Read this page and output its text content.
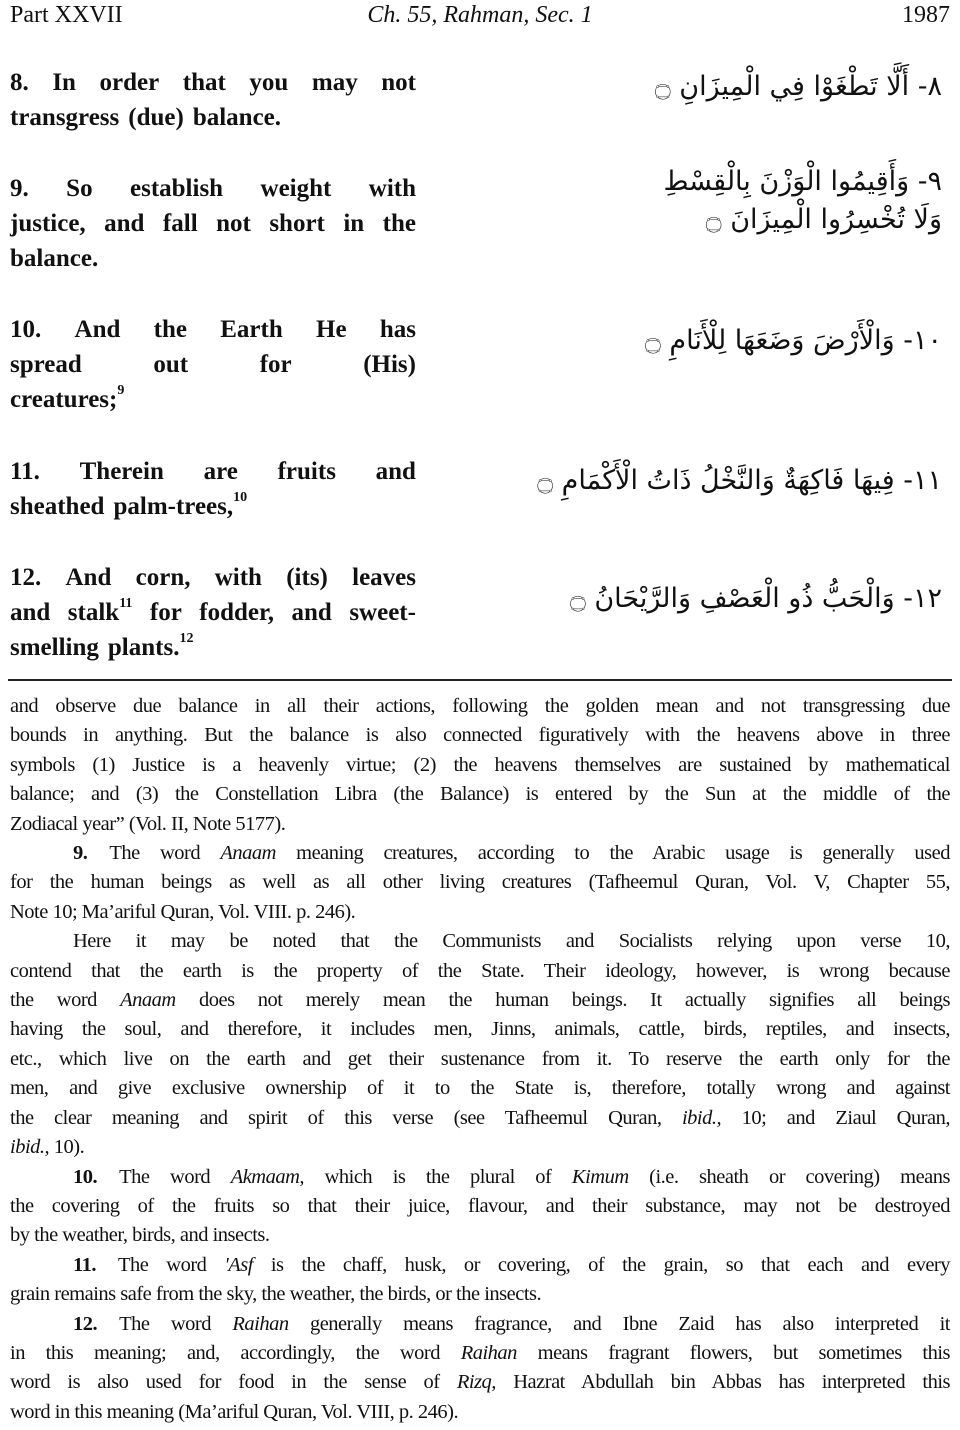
Part XXVII	Ch. 55, Rahman, Sec. 1	1987
8. In order that you may not
transgress (due) balance.
٨- أَلَّا تَطْغَوْا فِي الْمِيزَانِ ۝
9. So establish weight with
justice, and fall not short in the
balance.
٩- وَأَقِيمُوا الْوَزْنَ بِالْقِسْطِ
وَلَا تُخْسِرُوا الْمِيزَانَ ۝
10. And the Earth He has
spread	out	for	(His)
creatures;$^9$
١٠- وَالْأَرْضَ وَضَعَهَا لِلْأَنَامِ ۝
11. Therein are fruits and
sheathed palm-trees,$^{10}$
١١- فِيهَا فَاكِهَةٌ وَالنَّخْلُ ذَاتُ الْأَكْمَامِ ۝
12. And corn, with (its) leaves
and stalk$^{11}$ for fodder, and sweet-
smelling plants.$^{12}$
١٢- وَالْحَبُّ ذُو الْعَصْفِ وَالرَّيْحَانُ ۝
and observe due balance in all their actions, following the golden mean and not transgressing due
bounds in anything. But the balance is also connected figuratively with the heavens above in three
symbols (1) Justice is a heavenly virtue; (2) the heavens themselves are sustained by mathematical
balance; and (3) the Constellation Libra (the Balance) is entered by the Sun at the middle of the
Zodiacal year” (Vol. II, Note 5177).
9. The word Anaam meaning creatures, according to the Arabic usage is generally used
for the human beings as well as all other living creatures (Tafheemul Quran, Vol. V, Chapter 55,
Note 10; Ma’ariful Quran, Vol. VIII. p. 246).
Here it may be noted that the Communists and Socialists relying upon verse 10,
contend that the earth is the property of the State. Their ideology, however, is wrong because
the word Anaam does not merely mean the human beings. It actually signifies all beings
having the soul, and therefore, it includes men, Jinns, animals, cattle, birds, reptiles, and insects,
etc., which live on the earth and get their sustenance from it. To reserve the earth only for the
men, and give exclusive ownership of it to the State is, therefore, totally wrong and against
the clear meaning and spirit of this verse (see Tafheemul Quran, ibid., 10; and Ziaul Quran,
ibid., 10).
10. The word Akmaam, which is the plural of Kimum (i.e. sheath or covering) means
the covering of the fruits so that their juice, flavour, and their substance, may not be destroyed
by the weather, birds, and insects.
11. The word 'Asf is the chaff, husk, or covering, of the grain, so that each and every
grain remains safe from the sky, the weather, the birds, or the insects.
12. The word Raihan generally means fragrance, and Ibne Zaid has also interpreted it
in this meaning; and, accordingly, the word Raihan means fragrant flowers, but sometimes this
word is also used for food in the sense of Rizq, Hazrat Abdullah bin Abbas has interpreted this
word in this meaning (Ma’ariful Quran, Vol. VIII, p. 246).
